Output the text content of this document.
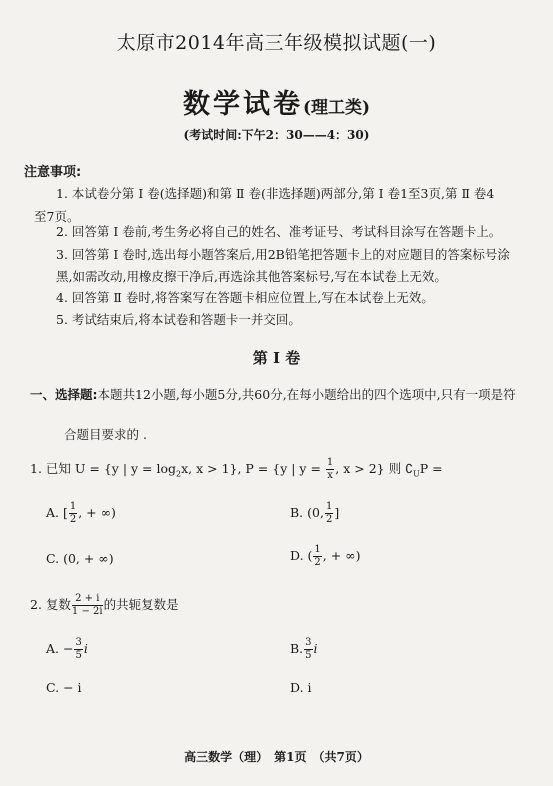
太原市2014年高三年级模拟试题(一)
数学试卷(理工类)
(考试时间:下午2：30——4：30)
注意事项:
1. 本试卷分第 Ⅰ 卷(选择题)和第 Ⅱ 卷(非选择题)两部分,第 Ⅰ 卷1至3页,第 Ⅱ 卷4
至7页。
2. 回答第 Ⅰ 卷前,考生务必将自己的姓名、准考证号、考试科目涂写在答题卡上。
3. 回答第 Ⅰ 卷时,选出每小题答案后,用2B铅笔把答题卡上的对应题目的答案标号涂
黑,如需改动,用橡皮擦干净后,再选涂其他答案标号,写在本试卷上无效。
4. 回答第 Ⅱ 卷时,将答案写在答题卡相应位置上,写在本试卷上无效。
5. 考试结束后,将本试卷和答题卡一并交回。
第 Ⅰ 卷
一、选择题:本题共12小题,每小题5分,共60分,在每小题给出的四个选项中,只有一项是符
合题目要求的 .
1. 已知 U = {y | $y = \log_2x$, x > 1}, P = {y | $y = \frac{1}{x}$ , x > 2} 则 $∁_UP$ =
A. [ $\frac{1}{2}$ , + ∞)	B. (0, $\frac{1}{2}$ ]
C. (0, + ∞)	D. ( $\frac{1}{2}$ , + ∞)
2. 复数 $\frac{2 + i}{1 - 2i}$ 的共轭复数是
A. − $\frac{3}{5}$ i	B. $\frac{3}{5}$ i
C. − i	D. i
高三数学（理）　第1页　（共7页）
